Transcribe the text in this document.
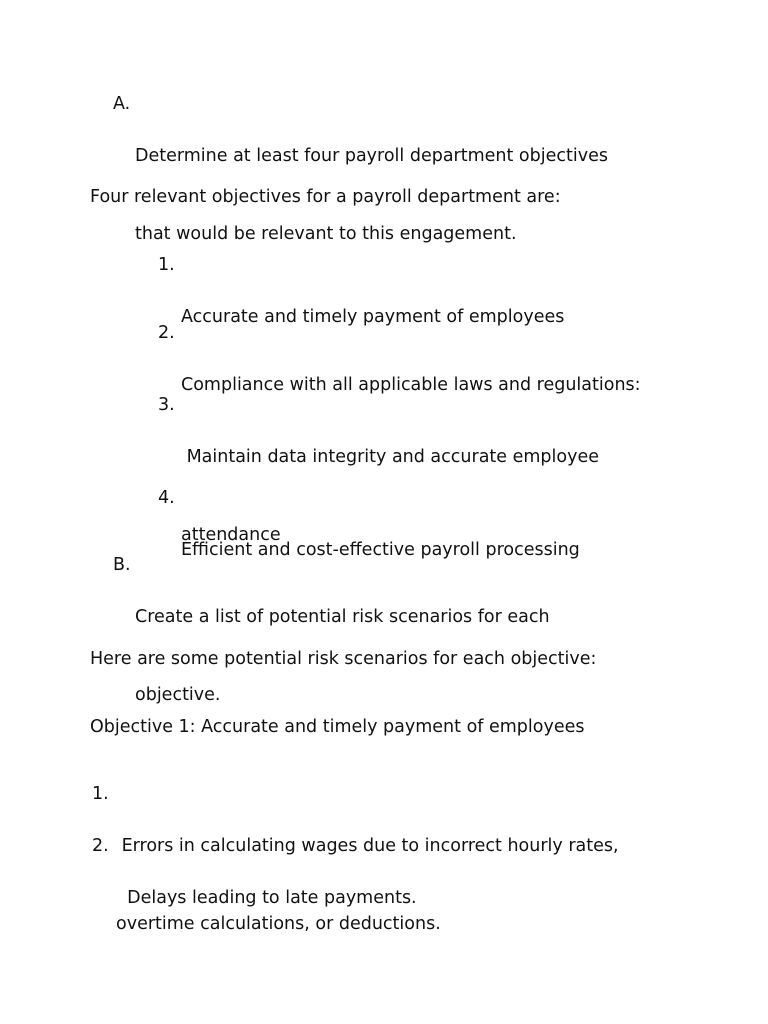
A.

Determine at least four payroll department objectives

that would be relevant to this engagement.

Four relevant objectives for a payroll department are:
1.

Accurate and timely payment of employees

2.

Compliance with all applicable laws and regulations:

3.

Maintain data integrity and accurate employee

attendance

4.

Efficient and cost-effective payroll processing

B.

Create a list of potential risk scenarios for each

objective.

Here are some potential risk scenarios for each objective:
Objective 1: Accurate and timely payment of employees
1.

Errors in calculating wages due to incorrect hourly rates,

overtime calculations, or deductions.

2.

Delays leading to late payments.
